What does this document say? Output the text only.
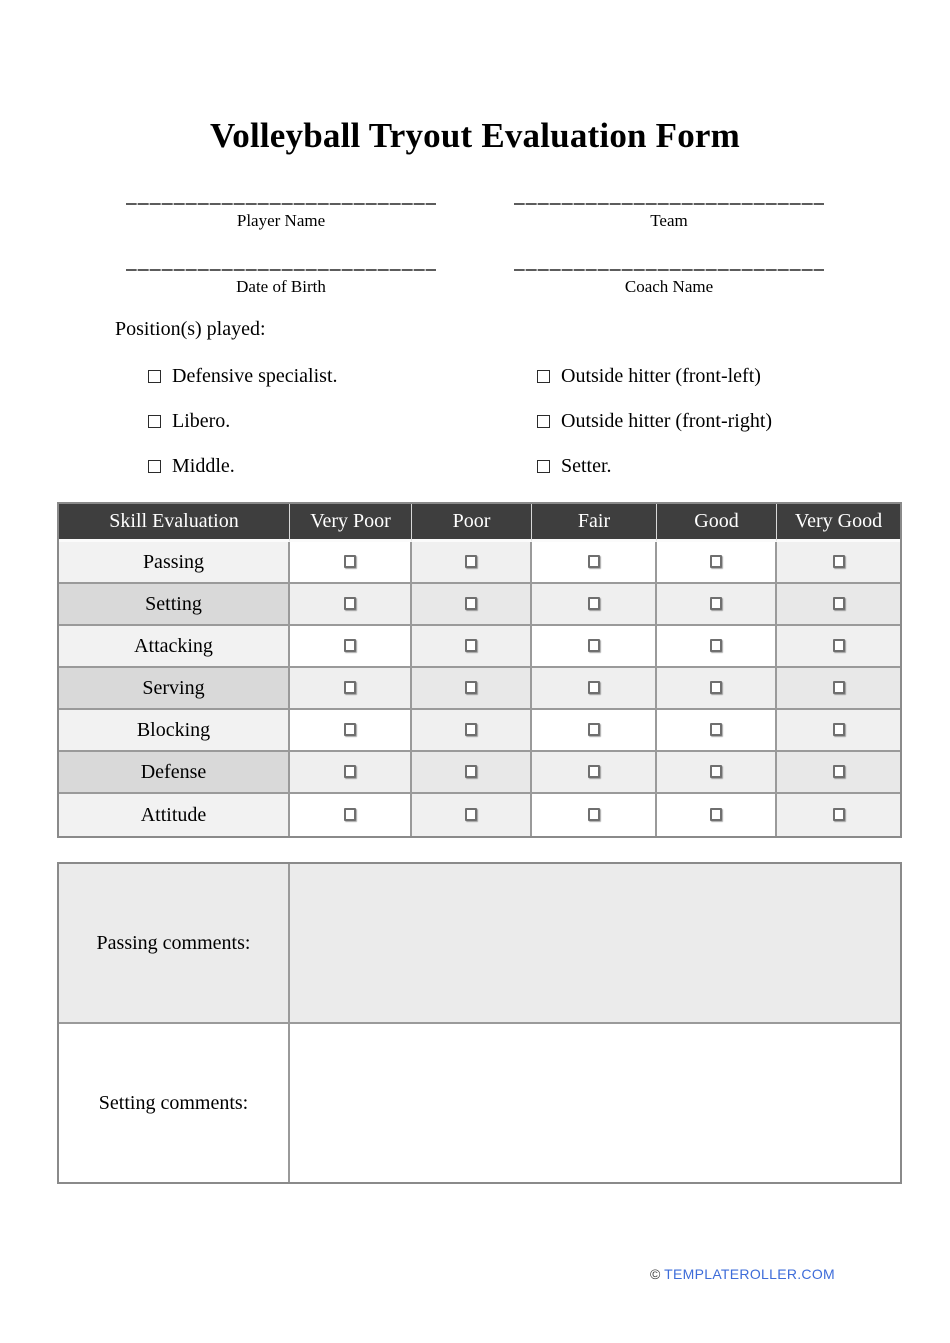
Volleyball Tryout Evaluation Form
Player Name	Team
Date of Birth	Coach Name
Position(s) played:
Defensive specialist.
Libero.
Middle.
Outside hitter (front-left)
Outside hitter (front-right)
Setter.
Skill Evaluation	Very Poor	Poor	Fair	Good	Very Good
Passing					
Setting					
Attacking					
Serving					
Blocking					
Defense					
Attitude					
Passing comments:	
Setting comments:	
© TEMPLATEROLLER.COM
